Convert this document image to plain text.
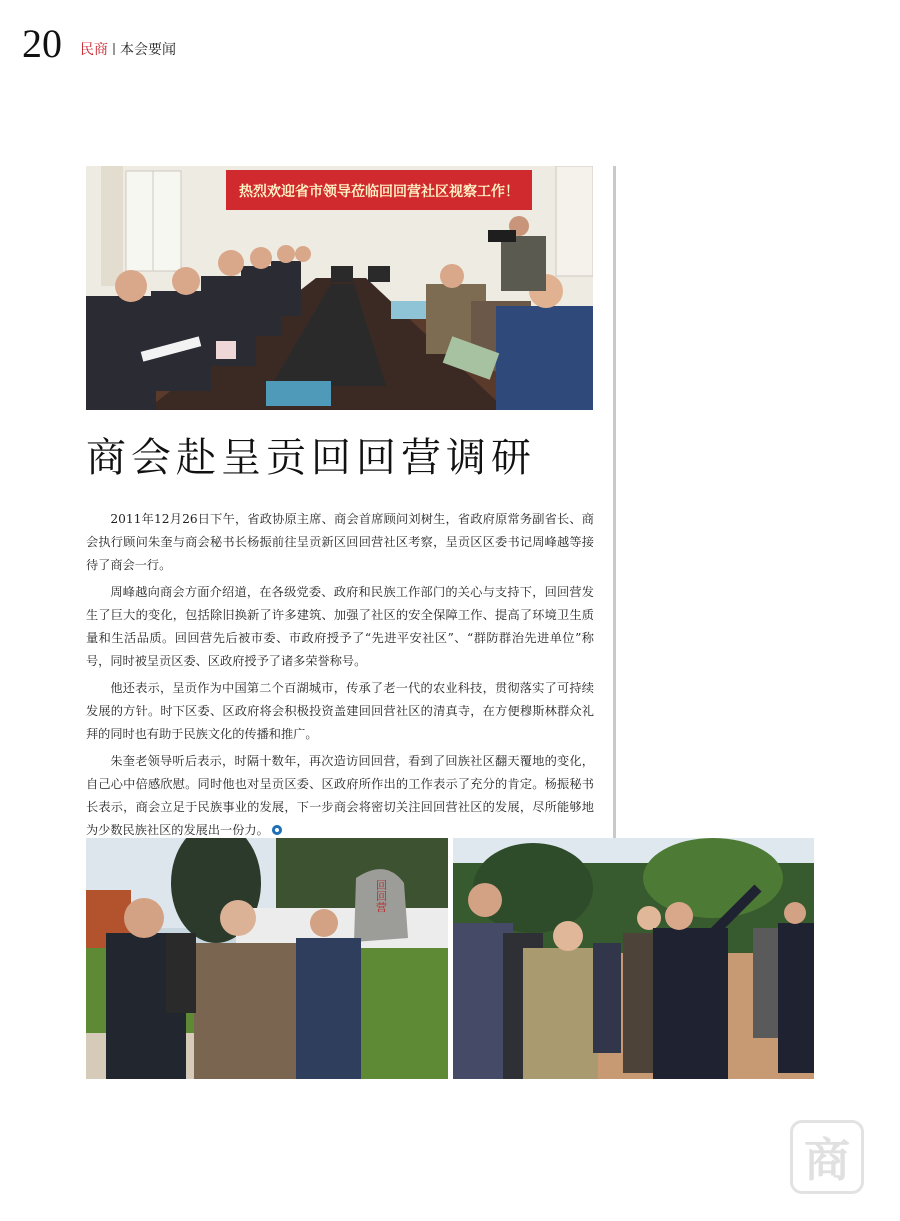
20 民商 本会要闻
热烈欢迎省市领导莅临回回营社区视察工作！
商会赴呈贡回回营调研

2011年12月26日下午，省政协原主席、商会首席顾问刘树生，省政府原常务副省长、商会执行顾问朱奎与商会秘书长杨振前往呈贡新区回回营社区考察，呈贡区区委书记周峰越等接待了商会一行。

周峰越向商会方面介绍道，在各级党委、政府和民族工作部门的关心与支持下，回回营发生了巨大的变化，包括除旧换新了许多建筑、加强了社区的安全保障工作、提高了环境卫生质量和生活品质。回回营先后被市委、市政府授予了“先进平安社区”、“群防群治先进单位”称号，同时被呈贡区委、区政府授予了诸多荣誉称号。

他还表示，呈贡作为中国第二个百湖城市，传承了老一代的农业科技，贯彻落实了可持续发展的方针。时下区委、区政府将会积极投资盖建回回营社区的清真寺，在方便穆斯林群众礼拜的同时也有助于民族文化的传播和推广。

朱奎老领导听后表示，时隔十数年，再次造访回回营，看到了回族社区翻天覆地的变化，自己心中倍感欣慰。同时他也对呈贡区委、区政府所作出的工作表示了充分的肯定。杨振秘书长表示，商会立足于民族事业的发展，下一步商会将密切关注回回营社区的发展，尽所能够地为少数民族社区的发展出一份力。

回回营
商
